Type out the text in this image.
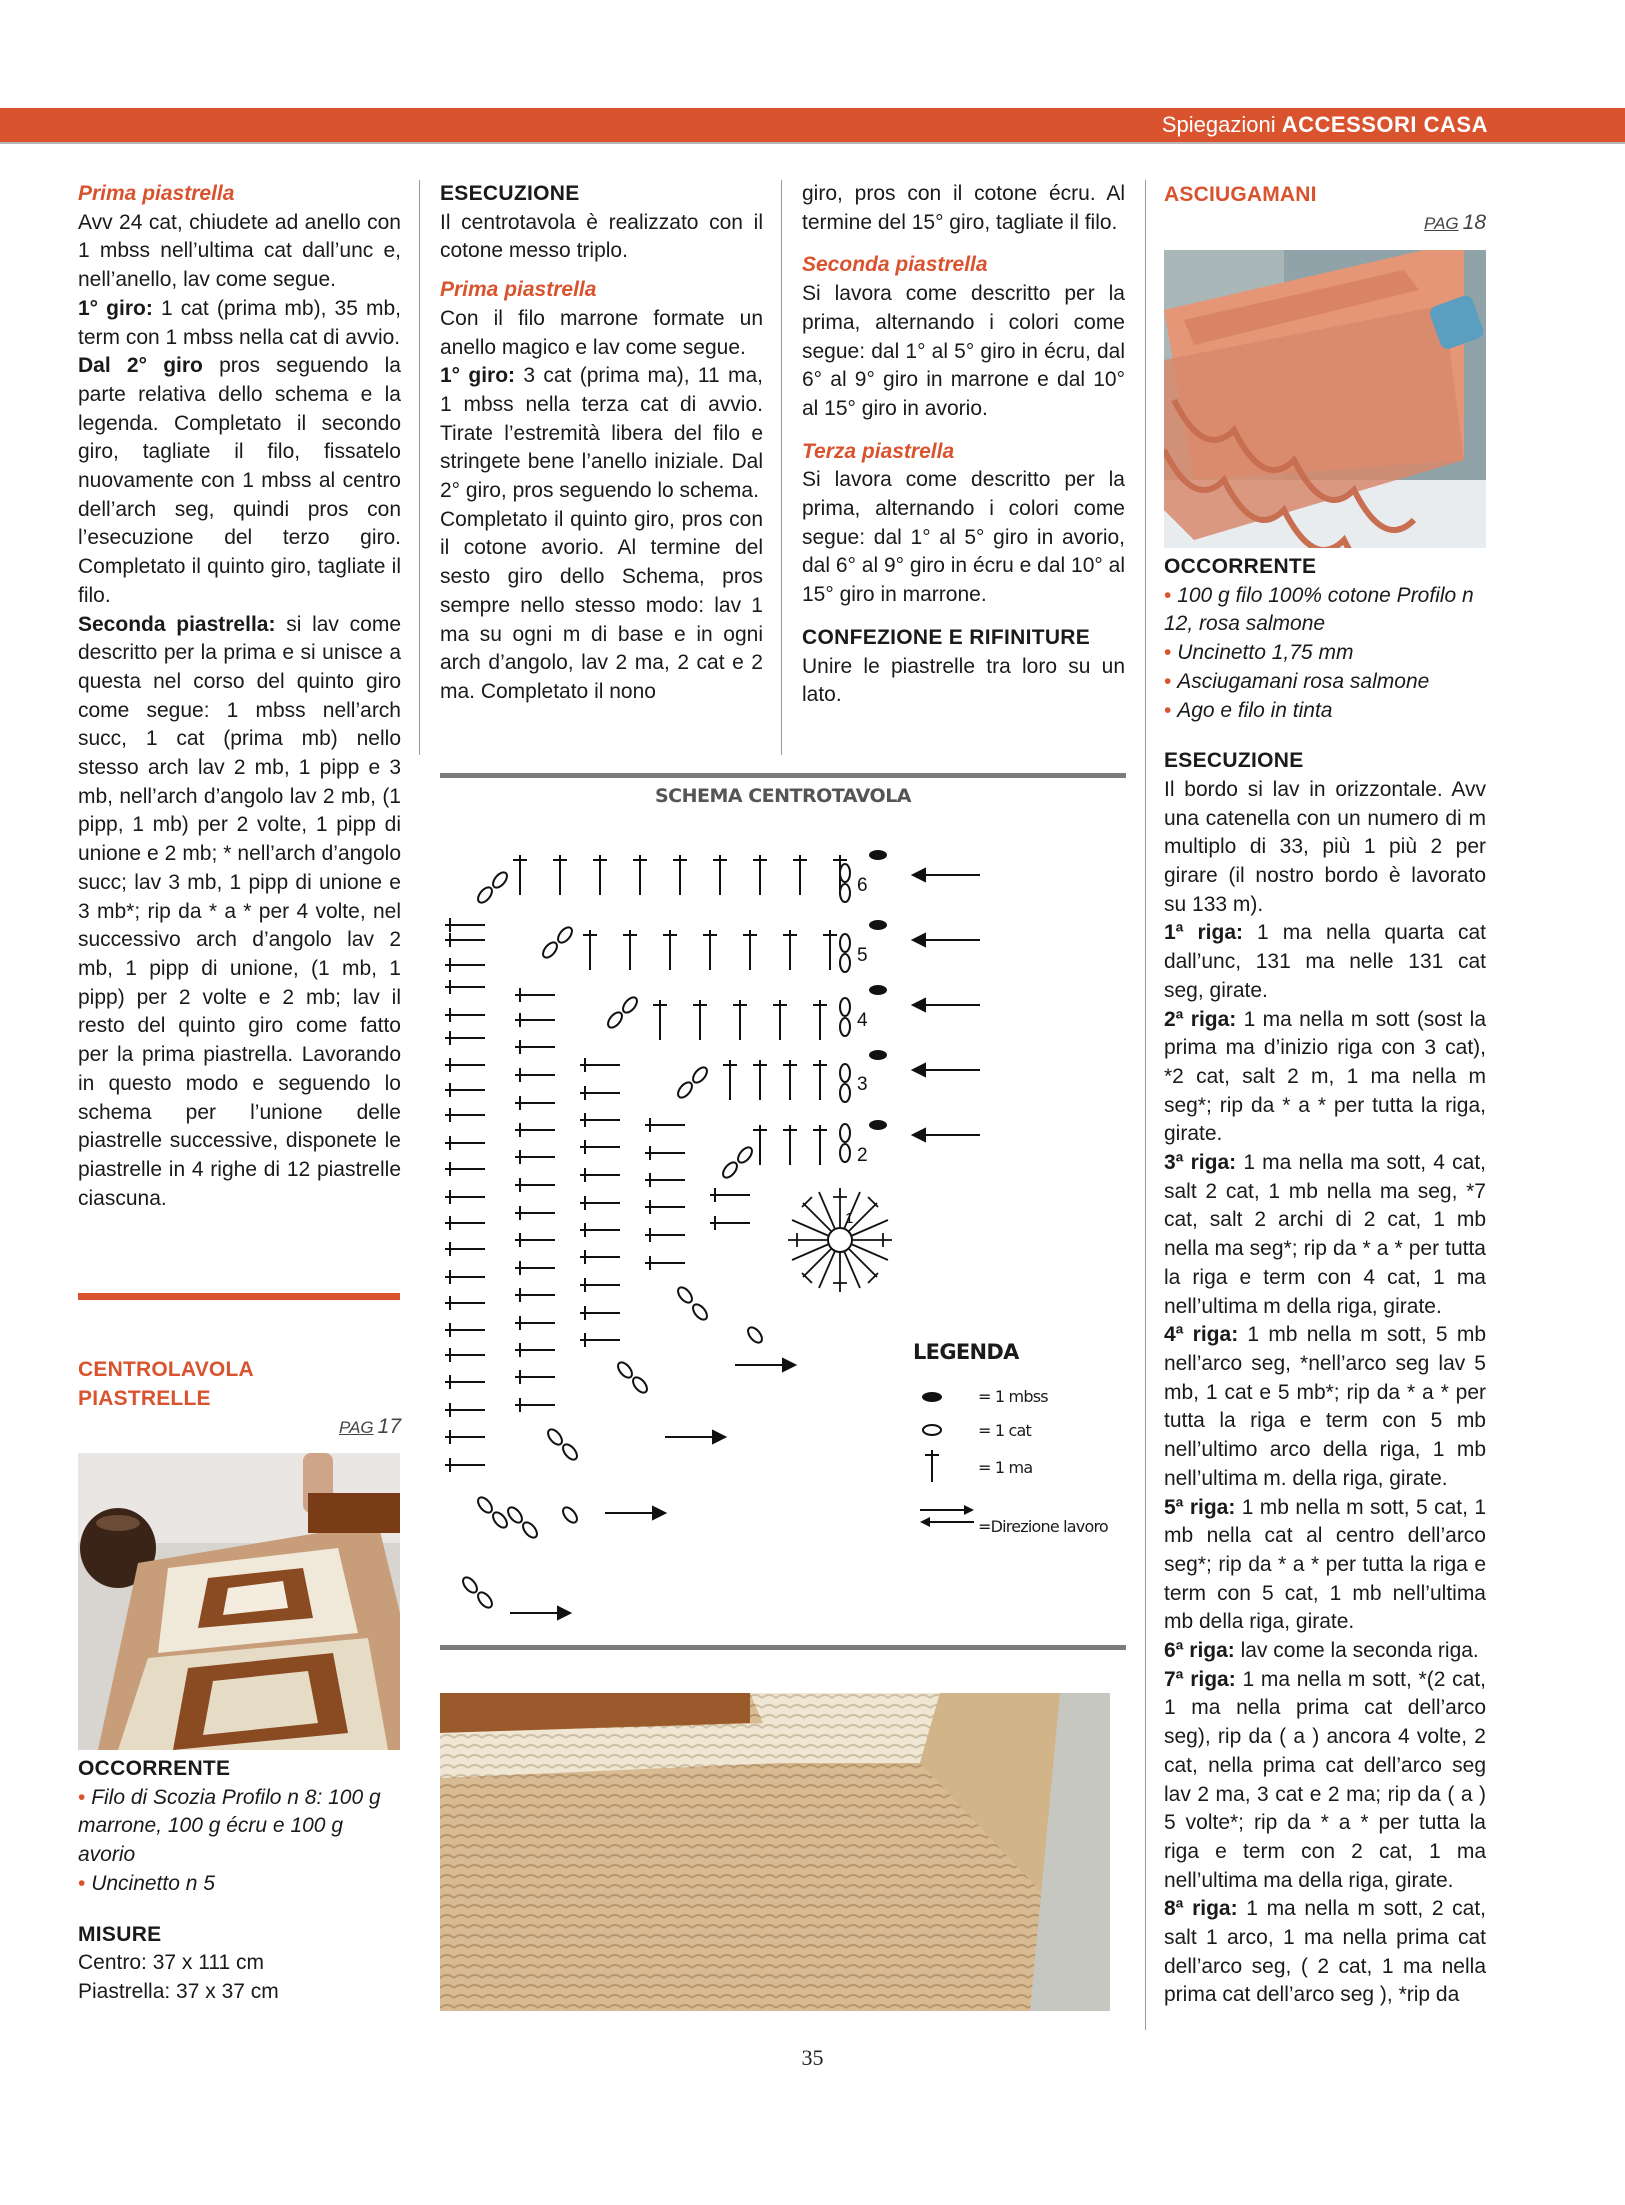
Spiegazioni ACCESSORI CASA

Prima piastrella

Avv 24 cat, chiudete ad anello con 1 mbss nell’ultima cat dall’unc e, nell’anello, lav come segue.

1° giro: 1 cat (prima mb), 35 mb, term con 1 mbss nella cat di avvio.

Dal 2° giro pros seguendo la parte relativa dello schema e la legenda. Completato il secondo giro, tagliate il filo, fissatelo nuovamente con 1 mbss al centro dell’arch seg, quindi pros con l’esecuzione del terzo giro. Completato il quinto giro, tagliate il filo.

Seconda piastrella: si lav come descritto per la prima e si unisce a questa nel corso del quinto giro come segue: 1 mbss nell’arch succ, 1 cat (prima mb) nello stesso arch lav 2 mb, 1 pipp e 3 mb, nell’arch d’angolo lav 2 mb, (1 pipp, 1 mb) per 2 volte, 1 pipp di unione e 2 mb; * nell’arch d’angolo succ; lav 3 mb, 1 pipp di unione e 3 mb*; rip da * a * per 4 volte, nel successivo arch d’angolo lav 2 mb, 1 pipp di unione, (1 mb, 1 pipp) per 2 volte e 2 mb; lav il resto del quinto giro come fatto per la prima piastrella. Lavorando in questo modo e seguendo lo schema per l’unione delle piastrelle successive, disponete le piastrelle in 4 righe di 12 piastrelle ciascuna.

CENTROLAVOLA

PIASTRELLE

PAG 17

OCCORRENTE

• Filo di Scozia Profilo n 8: 100 g marrone, 100 g écru e 100 g avorio

• Uncinetto n 5

MISURE

Centro: 37 x 111 cm

Piastrella: 37 x 37 cm

ESECUZIONE

Il centrotavola è realizzato con il cotone messo triplo.

Prima piastrella

Con il filo marrone formate un anello magico e lav come segue.

1° giro: 3 cat (prima ma), 11 ma, 1 mbss nella terza cat di avvio. Tirate l’estremità libera del filo e stringete bene l’anello iniziale. Dal 2° giro, pros seguendo lo schema.

Completato il quinto giro, pros con il cotone avorio. Al termine del sesto giro dello Schema, pros sempre nello stesso modo: lav 1 ma su ogni m di base e in ogni arch d’angolo, lav 2 ma, 2 cat e 2 ma. Completato il nono

giro, pros con il cotone écru. Al termine del 15° giro, tagliate il filo.

Seconda piastrella

Si lavora come descritto per la prima, alternando i colori come segue: dal 1° al 5° giro in écru, dal 6° al 9° giro in marrone e dal 10° al 15° giro in avorio.

Terza piastrella

Si lavora come descritto per la prima, alternando i colori come segue: dal 1° al 5° giro in avorio, dal 6° al 9° giro in écru e dal 10° al 15° giro in marrone.

CONFEZIONE E RIFINITURE

Unire le piastrelle tra loro su un lato.

SCHEMA CENTROTAVOLA
6
5
4
3
2
1
LEGENDA
= 1 mbss
= 1 cat
= 1 ma
=Direzione lavoro

ASCIUGAMANI

PAG 18

OCCORRENTE

• 100 g filo 100% cotone Profilo n 12, rosa salmone

• Uncinetto 1,75 mm

• Asciugamani rosa salmone

• Ago e filo in tinta

ESECUZIONE

Il bordo si lav in orizzontale. Avv una catenella con un numero di m multiplo di 33, più 1 più 2 per girare (il nostro bordo è lavorato su 133 m).

1ª riga: 1 ma nella quarta cat dall’unc, 131 ma nelle 131 cat seg, girate.

2ª riga: 1 ma nella m sott (sost la prima ma d’inizio riga con 3 cat), *2 cat, salt 2 m, 1 ma nella m seg*; rip da * a * per tutta la riga, girate.

3ª riga: 1 ma nella ma sott, 4 cat, salt 2 cat, 1 mb nella ma seg, *7 cat, salt 2 archi di 2 cat, 1 mb nella ma seg*; rip da * a * per tutta la riga e term con 4 cat, 1 ma nell’ultima m della riga, girate.

4ª riga: 1 mb nella m sott, 5 mb nell’arco seg, *nell’arco seg lav 5 mb, 1 cat e 5 mb*; rip da * a * per tutta la riga e term con 5 mb nell’ultimo arco della riga, 1 mb nell’ultima m. della riga, girate.

5ª riga: 1 mb nella m sott, 5 cat, 1 mb nella cat al centro dell’arco seg*; rip da * a * per tutta la riga e term con 5 cat, 1 mb nell’ultima mb della riga, girate.

6ª riga: lav come la seconda riga.

7ª riga: 1 ma nella m sott, *(2 cat, 1 ma nella prima cat dell’arco seg), rip da ( a ) ancora 4 volte, 2 cat, nella prima cat dell’arco seg lav 2 ma, 3 cat e 2 ma; rip da ( a ) 5 volte*; rip da * a * per tutta la riga e term con 2 cat, 1 ma nell’ultima ma della riga, girate.

8ª riga: 1 ma nella m sott, 2 cat, salt 1 arco, 1 ma nella prima cat dell’arco seg, ( 2 cat, 1 ma nella prima cat dell’arco seg ), *rip da

35
